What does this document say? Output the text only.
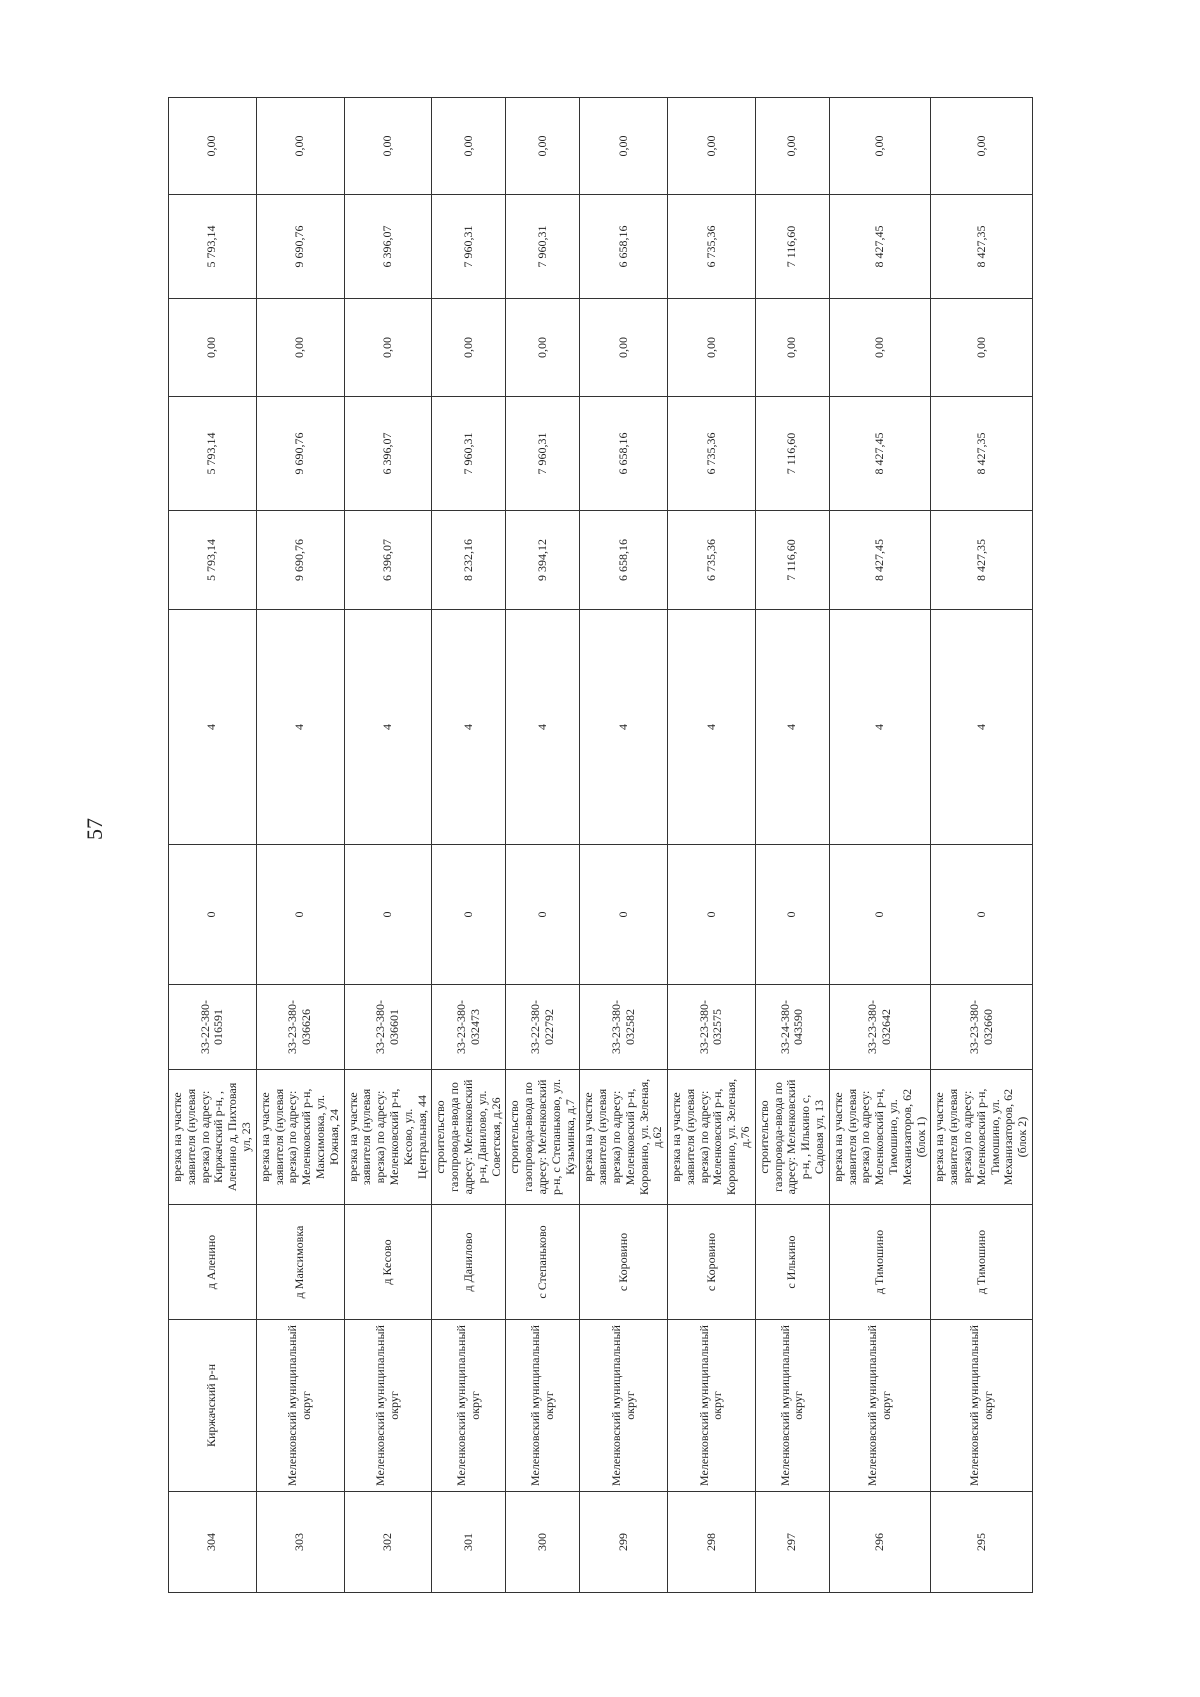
57
304	Киржачский р-н	д Аленино	врезка на участке заявителя (нулевая врезка) по адресу: Киржачский р-н, , Аленино д, Пихтовая ул, 23	33-22-380-016591	0	4	5 793,14	5 793,14	0,00	5 793,14	0,00	
303	Меленковский муниципальный округ	д Максимовка	врезка на участке заявителя (нулевая врезка) по адресу: Меленковский р-н, Максимовка, ул. Южная, 24	33-23-380-036626	0	4	9 690,76	9 690,76	0,00	9 690,76	0,00	
302	Меленковский муниципальный округ	д Кесово	врезка на участке заявителя (нулевая врезка) по адресу: Меленковский р-н, Кесово, ул. Центральная, 44	33-23-380-036601	0	4	6 396,07	6 396,07	0,00	6 396,07	0,00	
301	Меленковский муниципальный округ	д Данилово	строительство газопровода-ввода по адресу: Меленковский р-н, Данилово, ул. Советская, д.26	33-23-380-032473	0	4	8 232,16	7 960,31	0,00	7 960,31	0,00	
300	Меленковский муниципальный округ	с Степаньково	строительство газопровода-ввода по адресу: Меленковский р-н, с Степаньково, ул. Кузьминка, д.7	33-22-380-022792	0	4	9 394,12	7 960,31	0,00	7 960,31	0,00	
299	Меленковский муниципальный округ	с Коровино	врезка на участке заявителя (нулевая врезка) по адресу: Меленковский р-н, Коровино, ул. Зеленая, д.62	33-23-380-032582	0	4	6 658,16	6 658,16	0,00	6 658,16	0,00	
298	Меленковский муниципальный округ	с Коровино	врезка на участке заявителя (нулевая врезка) по адресу: Меленковский р-н, Коровино, ул. Зеленая, д.76	33-23-380-032575	0	4	6 735,36	6 735,36	0,00	6 735,36	0,00	
297	Меленковский муниципальный округ	с Илькино	строительство газопровода-ввода по адресу: Меленковский р-н, , Илькино с, Садовая ул, 13	33-24-380-043590	0	4	7 116,60	7 116,60	0,00	7 116,60	0,00	
296	Меленковский муниципальный округ	д Тимошино	врезка на участке заявителя (нулевая врезка) по адресу: Меленковский р-н, Тимошино, ул. Механизаторов, 62 (блок 1)	33-23-380-032642	0	4	8 427,45	8 427,45	0,00	8 427,45	0,00	
295	Меленковский муниципальный округ	д Тимошино	врезка на участке заявителя (нулевая врезка) по адресу: Меленковский р-н, Тимошино, ул. Механизаторов, 62 (блок 2)	33-23-380-032660	0	4	8 427,35	8 427,35	0,00	8 427,35	0,00	
